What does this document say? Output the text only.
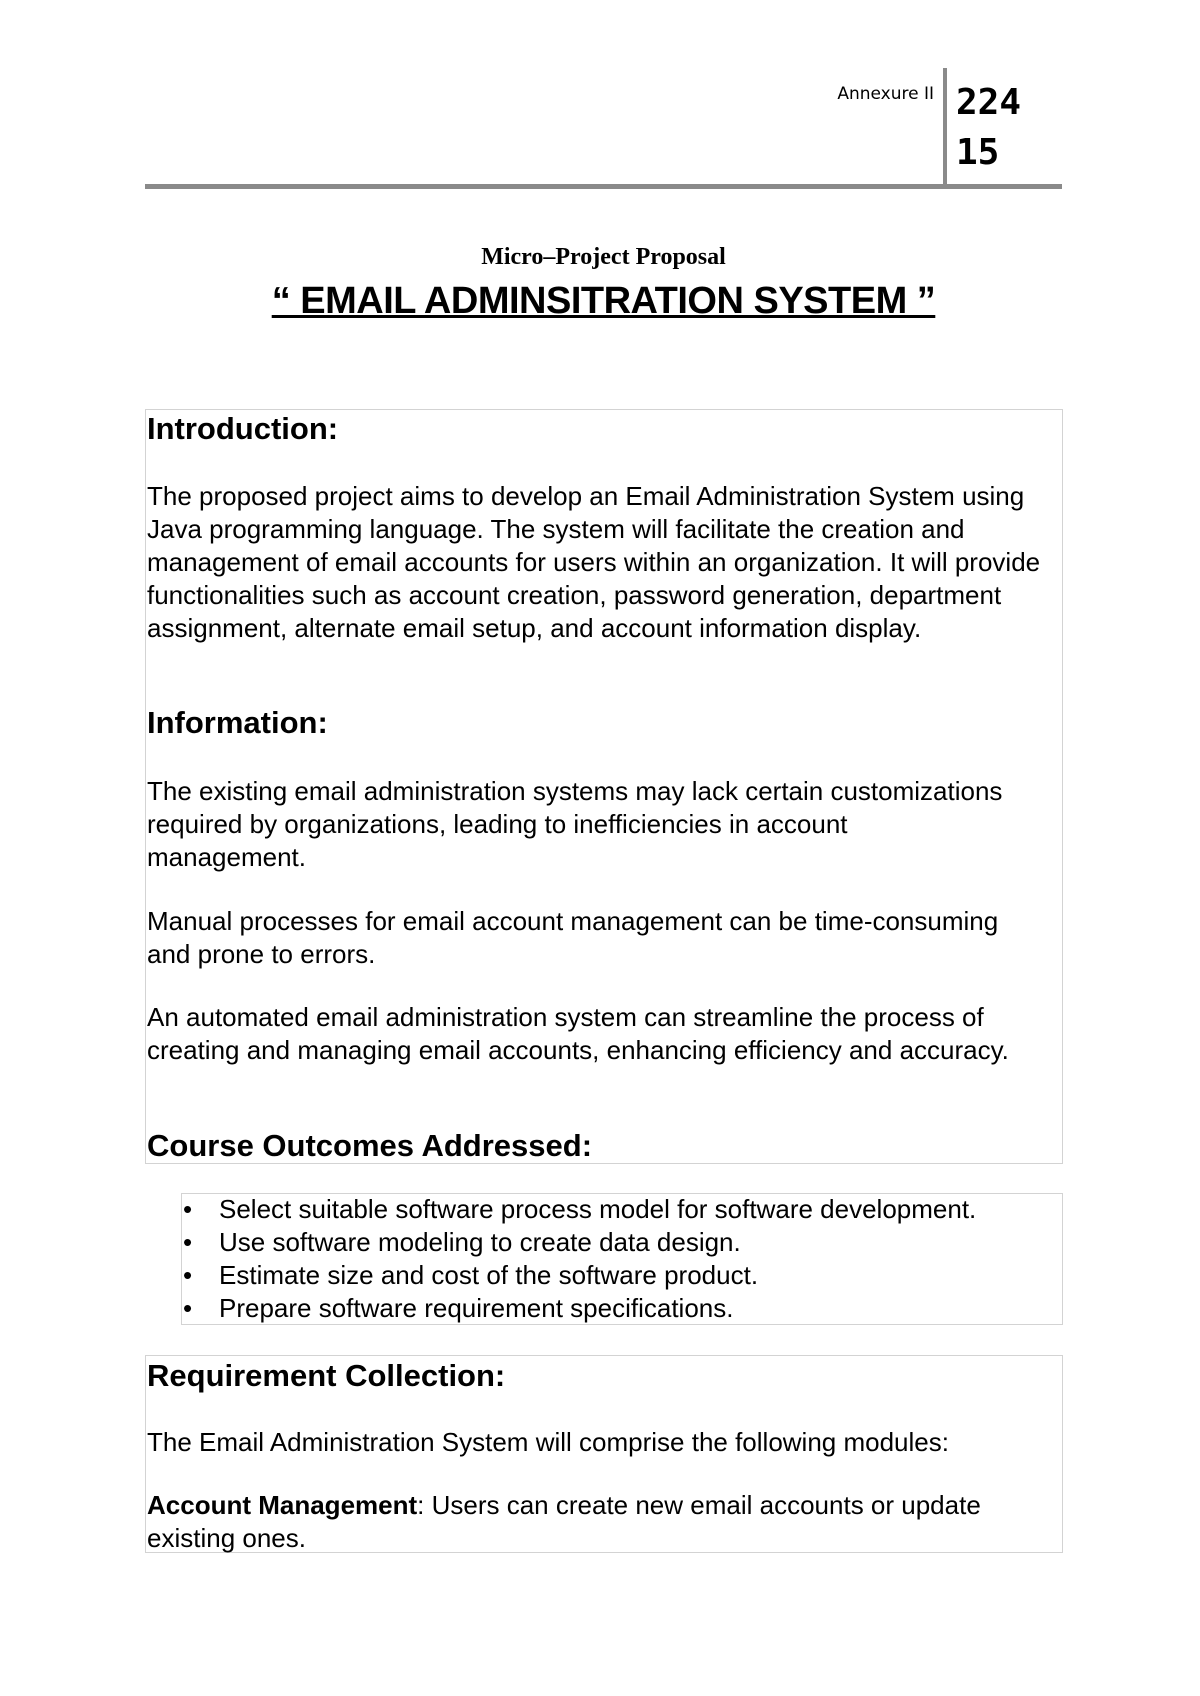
Annexure II 224
15
Micro–Project Proposal
“ EMAIL ADMINSITRATION SYSTEM ”
Introduction:
The proposed project aims to develop an Email Administration System using Java programming language. The system will facilitate the creation and management of email accounts for users within an organization. It will provide functionalities such as account creation, password generation, department assignment, alternate email setup, and account information display.
Information:
The existing email administration systems may lack certain customizations required by organizations, leading to inefficiencies in account management.
Manual processes for email account management can be time-consuming and prone to errors.
An automated email administration system can streamline the process of creating and managing email accounts, enhancing efficiency and accuracy.
Course Outcomes Addressed:
• Select suitable software process model for software development.
• Use software modeling to create data design.
• Estimate size and cost of the software product.
• Prepare software requirement specifications.
Requirement Collection:
The Email Administration System will comprise the following modules:
Account Management: Users can create new email accounts or update existing ones.
